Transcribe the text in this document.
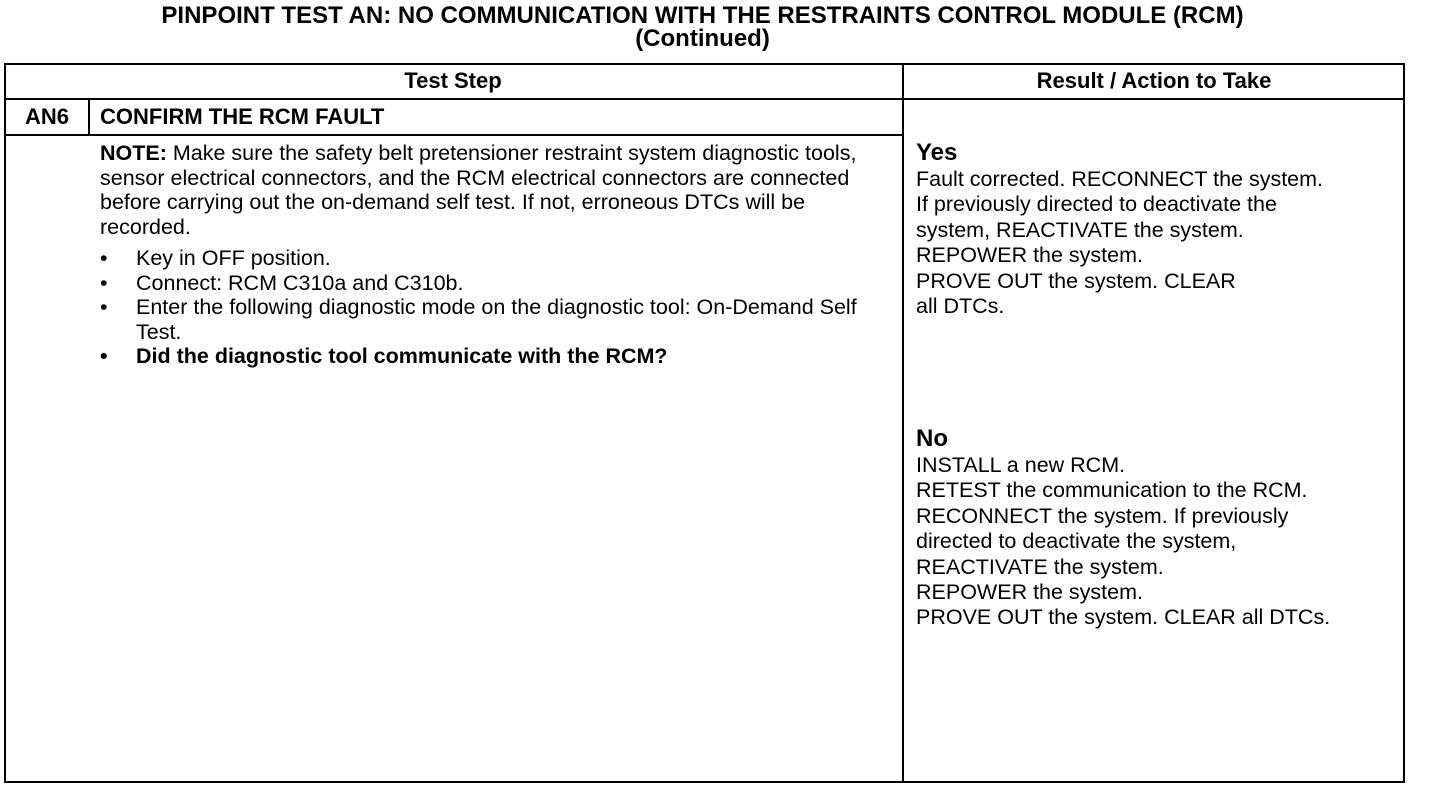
PINPOINT TEST AN: NO COMMUNICATION WITH THE RESTRAINTS CONTROL MODULE (RCM)
(Continued)
Test Step	Result / Action to Take
AN6	CONFIRM THE RCM FAULT

NOTE: Make sure the safety belt pretensioner restraint system diagnostic tools, sensor electrical connectors, and the RCM electrical connectors are connected before carrying out the on-demand self test. If not, erroneous DTCs will be recorded.

• Key in OFF position.
• Connect: RCM C310a and C310b.
• Enter the following diagnostic mode on the diagnostic tool: On-Demand Self Test.
• Did the diagnostic tool communicate with the RCM?

Yes

Fault corrected. RECONNECT the system.
If previously directed to deactivate the
system, REACTIVATE the system.
REPOWER the system.
PROVE OUT the system. CLEAR
all DTCs.

No

INSTALL a new RCM.
RETEST the communication to the RCM.
RECONNECT the system. If previously
directed to deactivate the system,
REACTIVATE the system.
REPOWER the system.
PROVE OUT the system. CLEAR all DTCs.
